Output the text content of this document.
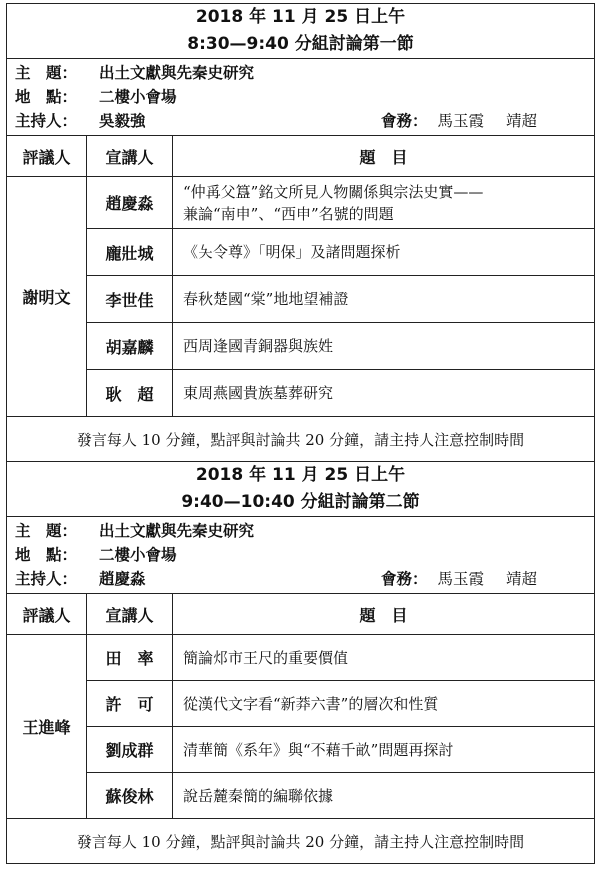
2018 年 11 月 25 日上午
8:30—9:40 分組討論第一節		

主　題： 出土文獻與先秦史研究
地　點： 二樓小會場
主持人： 吳毅強 會務： 馬玉霞 靖超		

評議人	宣講人	題　目
謝明文	趙慶淼	“仲爯父簋”銘文所見人物關係與宗法史實——
兼論“南申”、“西申”名號的問題

	龐壯城	《夨令尊》「明保」及諸問題探析
	李世佳	春秋楚國“棠”地地望補證
	胡嘉麟	西周逢國青銅器與族姓
	耿　超	東周燕國貴族墓葬研究
發言每人 10 分鐘，點評與討論共 20 分鐘，請主持人注意控制時間		

2018 年 11 月 25 日上午
9:40—10:40 分組討論第二節		

主　題： 出土文獻與先秦史研究
地　點： 二樓小會場
主持人： 趙慶淼 會務： 馬玉霞 靖超		

評議人	宣講人	題　目
王進峰	田　率	簡論邩市王尺的重要價值
	許　可	從漢代文字看“新莽六書”的層次和性質
	劉成群	清華簡《系年》與“不藉千畝”問題再探討
	蘇俊林	說岳麓秦簡的編聯依據
發言每人 10 分鐘，點評與討論共 20 分鐘，請主持人注意控制時間		
